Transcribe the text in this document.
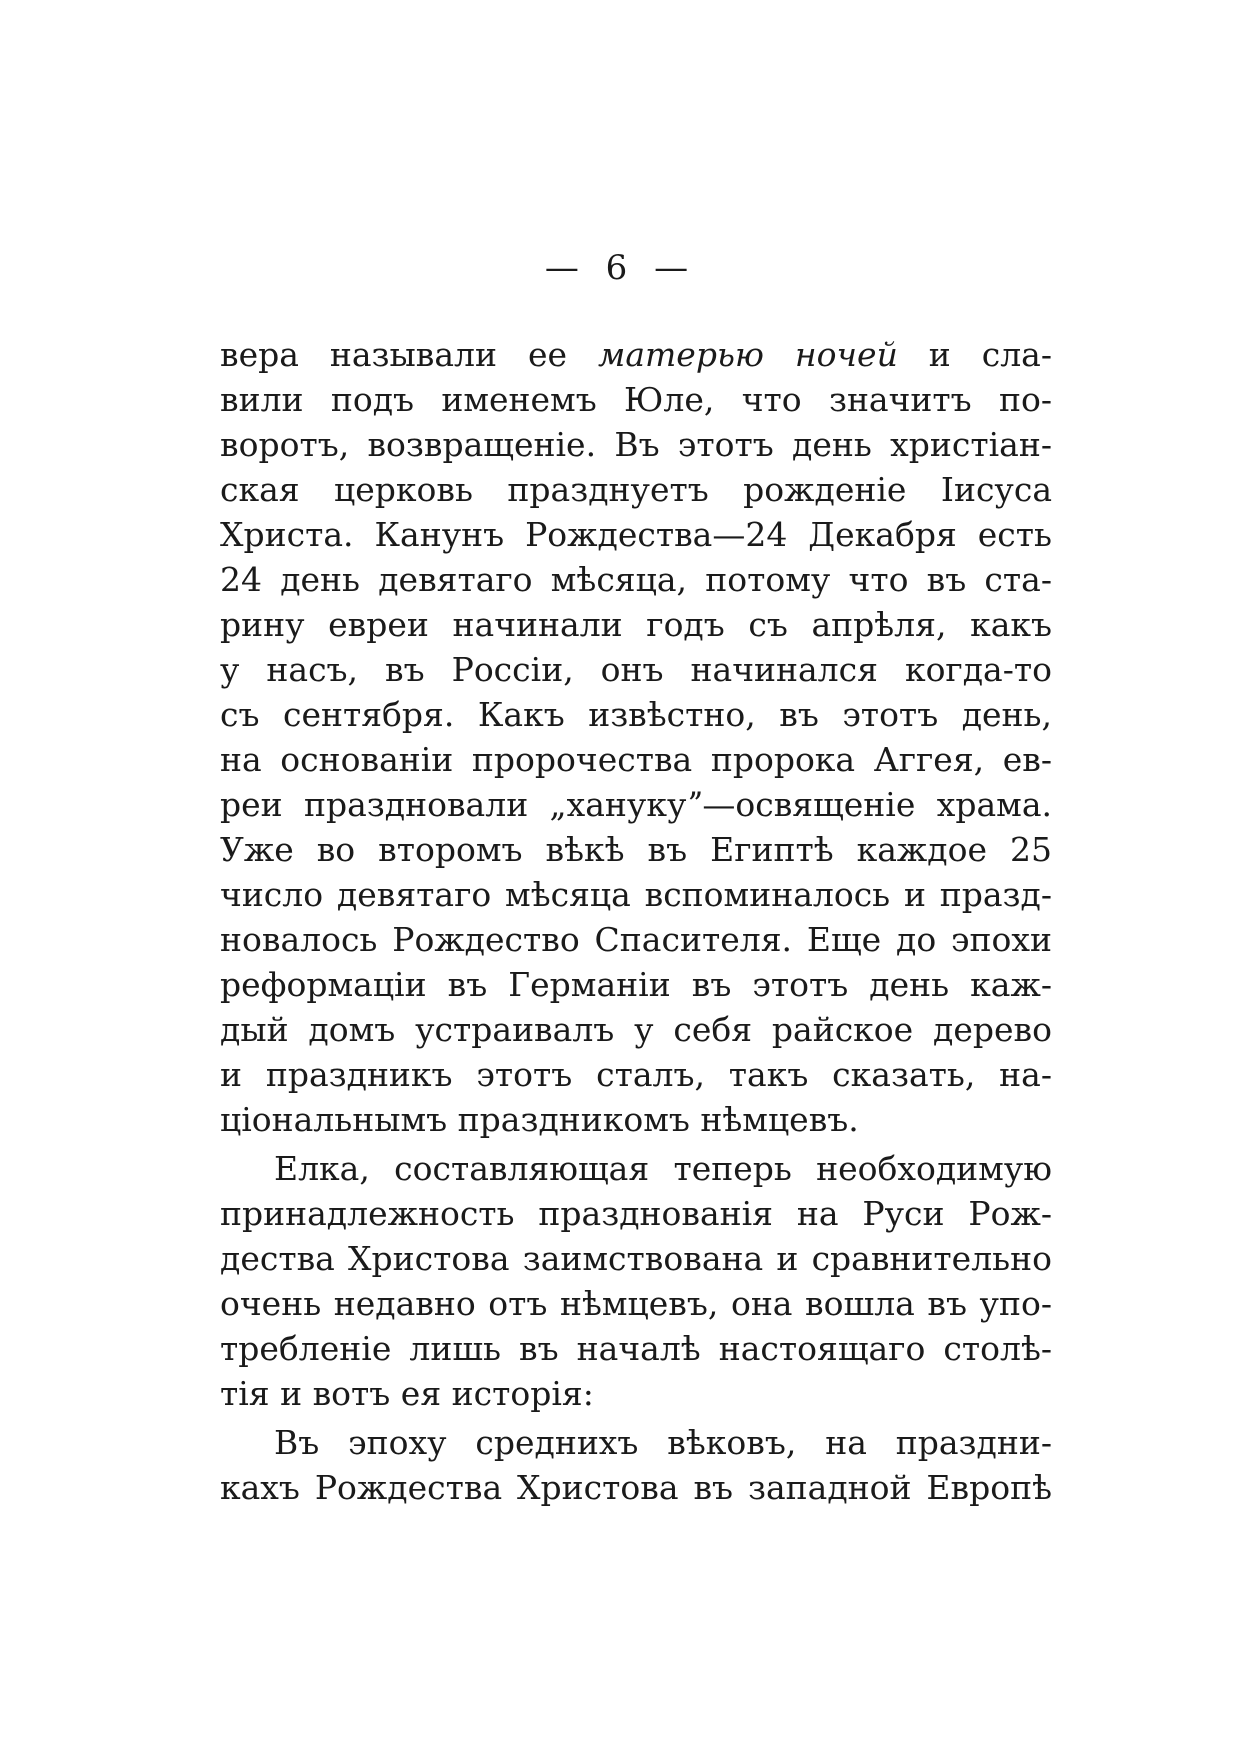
— 6 —
вера называли ее матерью ночей и сла-
вили подъ именемъ Юле, что значитъ по-
воротъ, возвращенiе. Въ этотъ день христiан-
ская церковь празднуетъ рожденiе Iисуса
Христа. Канунъ Рождества—24 Декабря есть
24 день девятаго мѣсяца, потому что въ ста-
рину евреи начинали годъ съ апрѣля, какъ
у насъ, въ Россiи, онъ начинался когда-то
съ сентября. Какъ извѣстно, въ этотъ день,
на основанiи пророчества пророка Аггея, ев-
реи праздновали „ханукуˮ—освященiе храма.
Уже во второмъ вѣкѣ въ Египтѣ каждое 25
число девятаго мѣсяца вспоминалось и празд-
новалось Рождество Спасителя. Еще до эпохи
реформацiи въ Германiи въ этотъ день каж-
дый домъ устраивалъ у себя райское дерево
и праздникъ этотъ сталъ, такъ сказать, на-
цiональнымъ праздникомъ нѣмцевъ.
Елка, составляющая теперь необходимую
принадлежность празднованiя на Руси Рож-
дества Христова заимствована и сравнительно
очень недавно отъ нѣмцевъ, она вошла въ упо-
требленiе лишь въ началѣ настоящаго столѣ-
тiя и вотъ ея исторiя:
Въ эпоху среднихъ вѣковъ, на праздни-
кахъ Рождества Христова въ западной Европѣ
